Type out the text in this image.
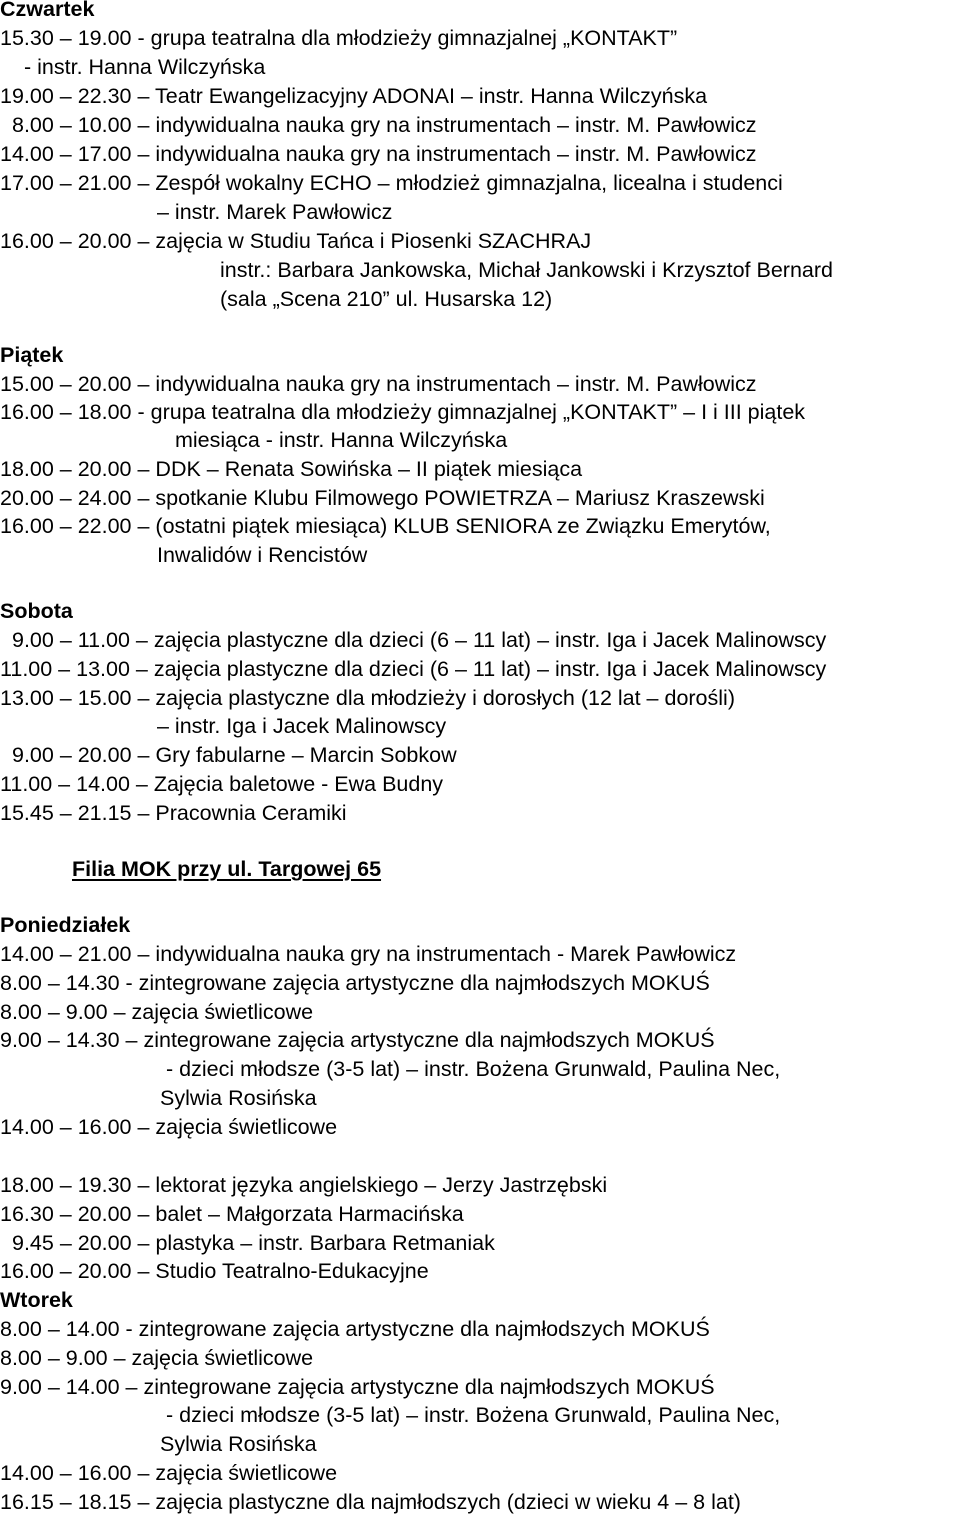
Czwartek
15.30 – 19.00 - grupa teatralna dla młodzieży gimnazjalnej „KONTAKT”
- instr. Hanna Wilczyńska
19.00 – 22.30 – Teatr Ewangelizacyjny ADONAI – instr. Hanna Wilczyńska
8.00 – 10.00 – indywidualna nauka gry na instrumentach – instr. M. Pawłowicz
14.00 – 17.00 – indywidualna nauka gry na instrumentach – instr. M. Pawłowicz
17.00 – 21.00 – Zespół wokalny ECHO – młodzież gimnazjalna, licealna i studenci
– instr. Marek Pawłowicz
16.00 – 20.00 – zajęcia w Studiu Tańca i Piosenki SZACHRAJ
instr.: Barbara Jankowska, Michał Jankowski i Krzysztof Bernard
(sala „Scena 210” ul. Husarska 12)
Piątek
15.00 – 20.00 – indywidualna nauka gry na instrumentach – instr. M. Pawłowicz
16.00 – 18.00 - grupa teatralna dla młodzieży gimnazjalnej „KONTAKT” – I i III piątek
miesiąca - instr. Hanna Wilczyńska
18.00 – 20.00 – DDK – Renata Sowińska – II piątek miesiąca
20.00 – 24.00 – spotkanie Klubu Filmowego POWIETRZA – Mariusz Kraszewski
16.00 – 22.00 – (ostatni piątek miesiąca) KLUB SENIORA ze Związku Emerytów,
Inwalidów i Rencistów
Sobota
9.00 – 11.00 – zajęcia plastyczne dla dzieci (6 – 11 lat) – instr. Iga i Jacek Malinowscy
11.00 – 13.00 – zajęcia plastyczne dla dzieci (6 – 11 lat) – instr. Iga i Jacek Malinowscy
13.00 – 15.00 – zajęcia plastyczne dla młodzieży i dorosłych (12 lat – dorośli)
– instr. Iga i Jacek Malinowscy
9.00 – 20.00 – Gry fabularne – Marcin Sobkow
11.00 – 14.00 – Zajęcia baletowe - Ewa Budny
15.45 – 21.15 – Pracownia Ceramiki
Filia MOK przy ul. Targowej 65
Poniedziałek
14.00 – 21.00 – indywidualna nauka gry na instrumentach - Marek Pawłowicz
8.00 – 14.30 - zintegrowane zajęcia artystyczne dla najmłodszych MOKUŚ
8.00 – 9.00 – zajęcia świetlicowe
9.00 – 14.30 – zintegrowane zajęcia artystyczne dla najmłodszych MOKUŚ
- dzieci młodsze (3-5 lat) – instr. Bożena Grunwald, Paulina Nec,
Sylwia Rosińska
14.00 – 16.00 – zajęcia świetlicowe
18.00 – 19.30 – lektorat języka angielskiego – Jerzy Jastrzębski
16.30 – 20.00 – balet – Małgorzata Harmacińska
9.45 – 20.00 – plastyka – instr. Barbara Retmaniak
16.00 – 20.00 – Studio Teatralno-Edukacyjne
Wtorek
8.00 – 14.00 - zintegrowane zajęcia artystyczne dla najmłodszych MOKUŚ
8.00 – 9.00 – zajęcia świetlicowe
9.00 – 14.00 – zintegrowane zajęcia artystyczne dla najmłodszych MOKUŚ
- dzieci młodsze (3-5 lat) – instr. Bożena Grunwald, Paulina Nec,
Sylwia Rosińska
14.00 – 16.00 – zajęcia świetlicowe
16.15 – 18.15 – zajęcia plastyczne dla najmłodszych (dzieci w wieku 4 – 8 lat)
